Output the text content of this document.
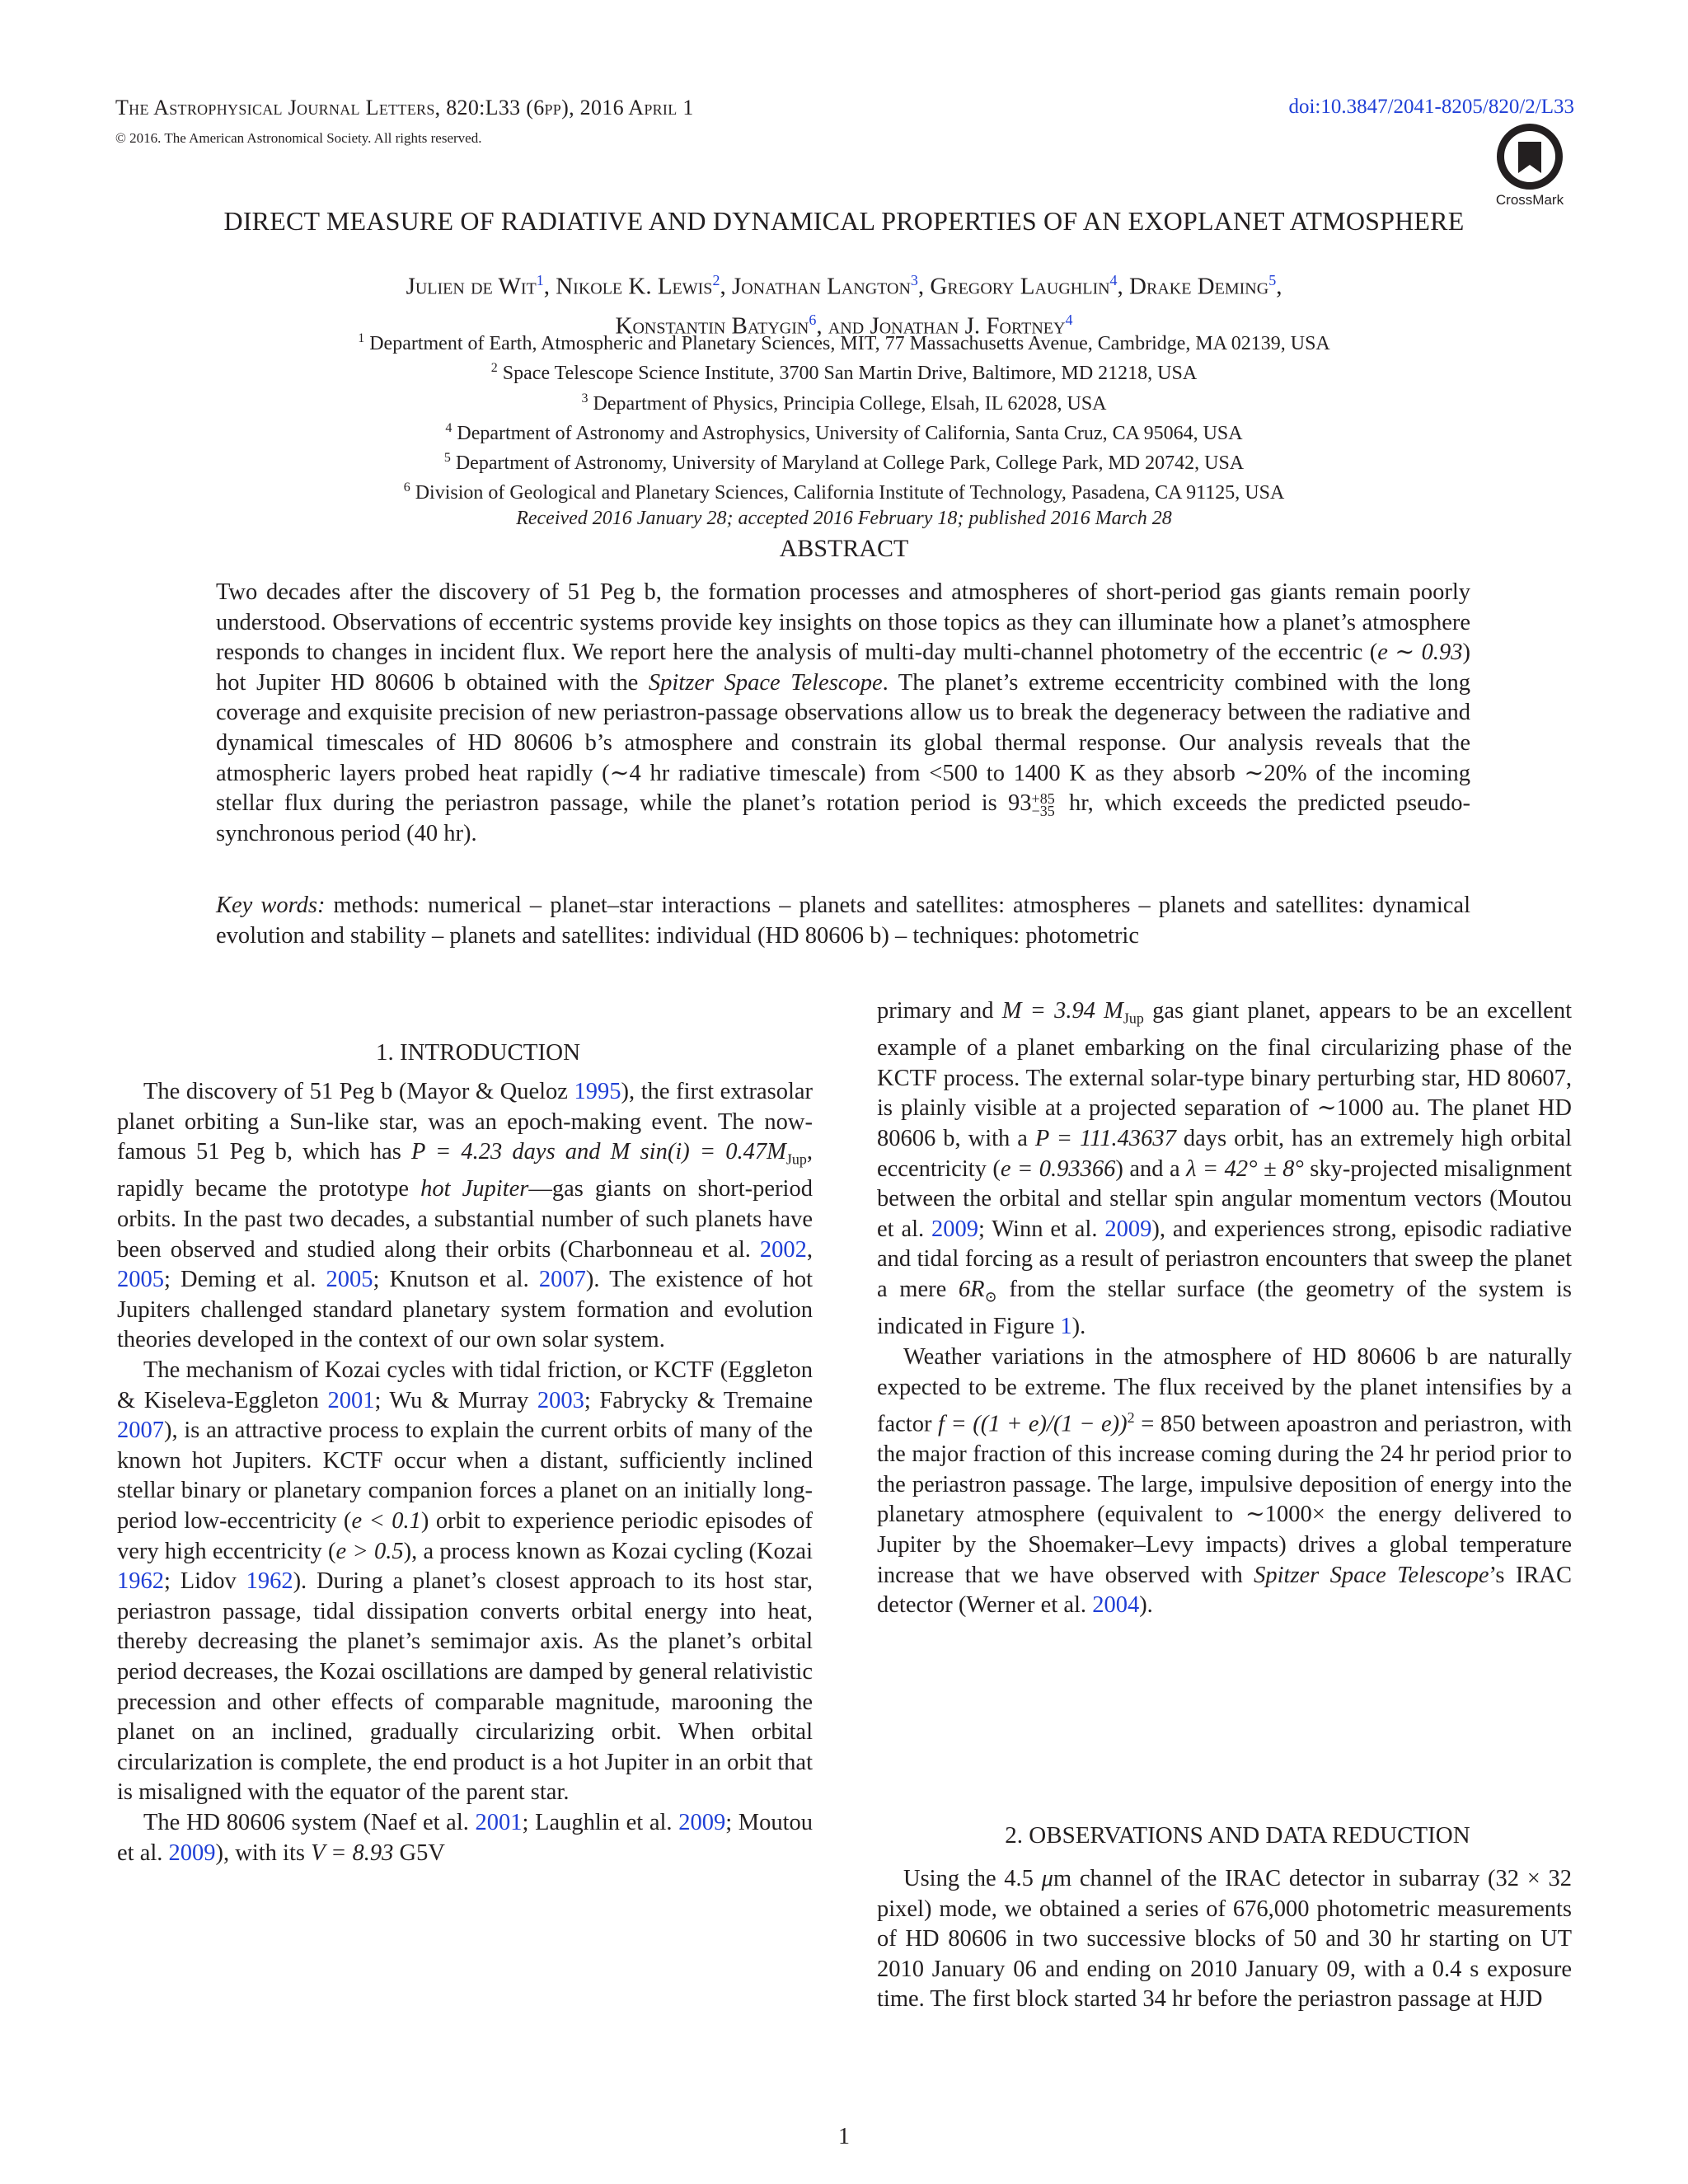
The Astrophysical Journal Letters, 820:L33 (6pp), 2016 April 1
© 2016. The American Astronomical Society. All rights reserved.
doi:10.3847/2041-8205/820/2/L33
CrossMark
DIRECT MEASURE OF RADIATIVE AND DYNAMICAL PROPERTIES OF AN EXOPLANET ATMOSPHERE
Julien de Wit$^1$, Nikole K. Lewis$^2$, Jonathan Langton$^3$, Gregory Laughlin$^4$, Drake Deming$^5$,
Konstantin Batygin$^6$, and Jonathan J. Fortney$^4$
$^1$ Department of Earth, Atmospheric and Planetary Sciences, MIT, 77 Massachusetts Avenue, Cambridge, MA 02139, USA
$^2$ Space Telescope Science Institute, 3700 San Martin Drive, Baltimore, MD 21218, USA
$^3$ Department of Physics, Principia College, Elsah, IL 62028, USA
$^4$ Department of Astronomy and Astrophysics, University of California, Santa Cruz, CA 95064, USA
$^5$ Department of Astronomy, University of Maryland at College Park, College Park, MD 20742, USA
$^6$ Division of Geological and Planetary Sciences, California Institute of Technology, Pasadena, CA 91125, USA
Received 2016 January 28; accepted 2016 February 18; published 2016 March 28
ABSTRACT
Two decades after the discovery of 51 Peg b, the formation processes and atmospheres of short-period gas giants remain poorly understood. Observations of eccentric systems provide key insights on those topics as they can illuminate how a planet’s atmosphere responds to changes in incident flux. We report here the analysis of multi-day multi-channel photometry of the eccentric (e ∼ 0.93) hot Jupiter HD 80606 b obtained with the Spitzer Space Telescope. The planet’s extreme eccentricity combined with the long coverage and exquisite precision of new periastron-passage observations allow us to break the degeneracy between the radiative and dynamical timescales of HD 80606 b’s atmosphere and constrain its global thermal response. Our analysis reveals that the atmospheric layers probed heat rapidly (∼4 hr radiative timescale) from <500 to 1400 K as they absorb ∼20% of the incoming stellar flux during the periastron passage, while the planet’s rotation period is 93+85
−35 hr, which exceeds the predicted pseudo-synchronous period (40 hr).
Key words: methods: numerical – planet–star interactions – planets and satellites: atmospheres – planets and satellites: dynamical evolution and stability – planets and satellites: individual (HD 80606 b) – techniques: photometric

1. INTRODUCTION

The discovery of 51 Peg b (Mayor & Queloz 1995), the first extrasolar planet orbiting a Sun-like star, was an epoch-making event. The now-famous 51 Peg b, which has P = 4.23 days and M $\sin(i) = 0.47M_{Jup}$, rapidly became the prototype hot Jupiter—gas giants on short-period orbits. In the past two decades, a substantial number of such planets have been observed and studied along their orbits (Charbonneau et al. 2002, 2005; Deming et al. 2005; Knutson et al. 2007). The existence of hot Jupiters challenged standard planetary system formation and evolution theories developed in the context of our own solar system.

The mechanism of Kozai cycles with tidal friction, or KCTF (Eggleton & Kiseleva-Eggleton 2001; Wu & Murray 2003; Fabrycky & Tremaine 2007), is an attractive process to explain the current orbits of many of the known hot Jupiters. KCTF occur when a distant, sufficiently inclined stellar binary or planetary companion forces a planet on an initially long-period low-eccentricity (e < 0.1) orbit to experience periodic episodes of very high eccentricity (e > 0.5), a process known as Kozai cycling (Kozai 1962; Lidov 1962). During a planet’s closest approach to its host star, periastron passage, tidal dissipation converts orbital energy into heat, thereby decreasing the planet’s semimajor axis. As the planet’s orbital period decreases, the Kozai oscillations are damped by general relativistic precession and other effects of comparable magnitude, marooning the planet on an inclined, gradually circularizing orbit. When orbital circularization is complete, the end product is a hot Jupiter in an orbit that is misaligned with the equator of the parent star.

The HD 80606 system (Naef et al. 2001; Laughlin et al. 2009; Moutou et al. 2009), with its V = 8.93 G5V

primary and M = 3.94 $M_{Jup}$ gas giant planet, appears to be an excellent example of a planet embarking on the final circularizing phase of the KCTF process. The external solar-type binary perturbing star, HD 80607, is plainly visible at a projected separation of ∼1000 au. The planet HD 80606 b, with a P = 111.43637 days orbit, has an extremely high orbital eccentricity (e = 0.93366) and a λ = 42° ± 8° sky-projected misalignment between the orbital and stellar spin angular momentum vectors (Moutou et al. 2009; Winn et al. 2009), and experiences strong, episodic radiative and tidal forcing as a result of periastron encounters that sweep the planet a mere $6R_⊙$ from the stellar surface (the geometry of the system is indicated in Figure 1).

Weather variations in the atmosphere of HD 80606 b are naturally expected to be extreme. The flux received by the planet intensifies by a factor $f = ((1 + e)/(1 - e))^2 = 850$ between apoastron and periastron, with the major fraction of this increase coming during the 24 hr period prior to the periastron passage. The large, impulsive deposition of energy into the planetary atmosphere (equivalent to ∼1000× the energy delivered to Jupiter by the Shoemaker–Levy impacts) drives a global temperature increase that we have observed with Spitzer Space Telescope’s IRAC detector (Werner et al. 2004).

2. OBSERVATIONS AND DATA REDUCTION

Using the 4.5 μm channel of the IRAC detector in subarray (32 × 32 pixel) mode, we obtained a series of 676,000 photometric measurements of HD 80606 in two successive blocks of 50 and 30 hr starting on UT 2010 January 06 and ending on 2010 January 09, with a 0.4 s exposure time. The first block started 34 hr before the periastron passage at HJD

1
